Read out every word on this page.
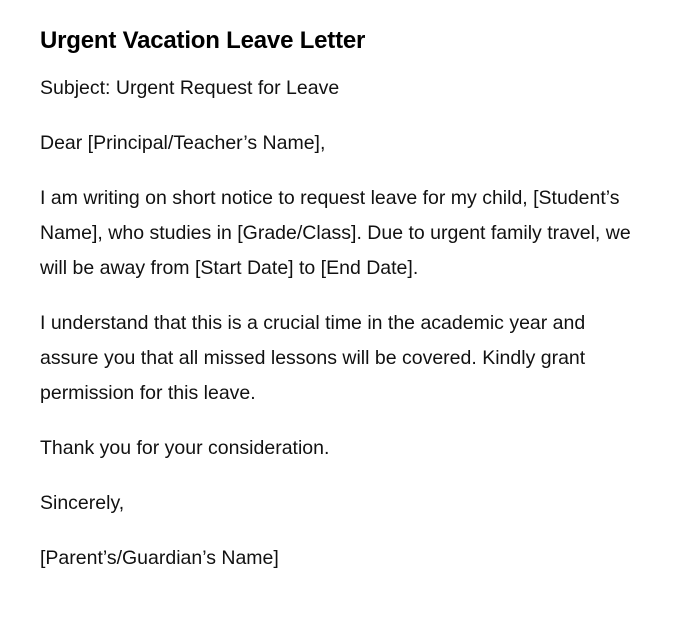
Urgent Vacation Leave Letter

Subject: Urgent Request for Leave

Dear [Principal/Teacher’s Name],

I am writing on short notice to request leave for my child, [Student’s Name], who studies in [Grade/Class]. Due to urgent family travel, we will be away from [Start Date] to [End Date].

I understand that this is a crucial time in the academic year and assure you that all missed lessons will be covered. Kindly grant permission for this leave.

Thank you for your consideration.

Sincerely,

[Parent’s/Guardian’s Name]
